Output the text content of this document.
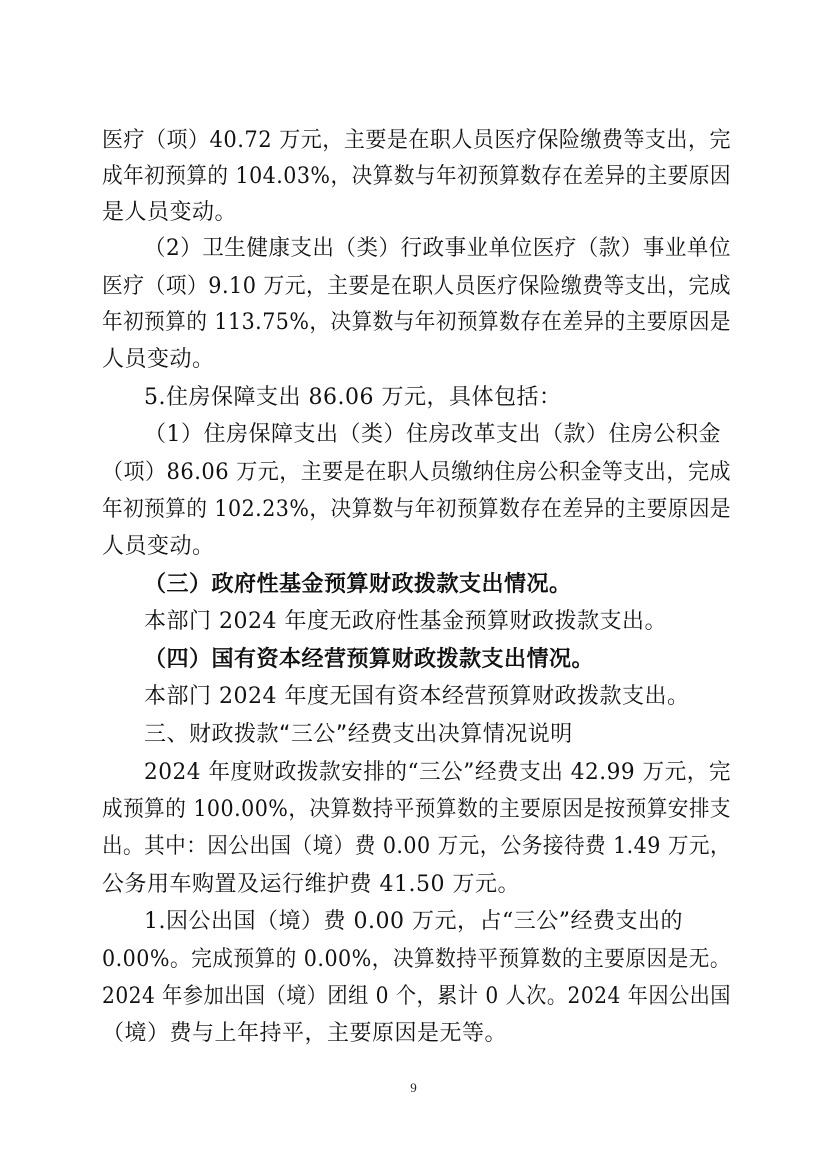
医疗（项）40.72 万元，主要是在职人员医疗保险缴费等支出，完
成年初预算的 104.03%，决算数与年初预算数存在差异的主要原因
是人员变动。
（2）卫生健康支出（类）行政事业单位医疗（款）事业单位
医疗（项）9.10 万元，主要是在职人员医疗保险缴费等支出，完成
年初预算的 113.75%，决算数与年初预算数存在差异的主要原因是
人员变动。
5.住房保障支出 86.06 万元，具体包括：
（1）住房保障支出（类）住房改革支出（款）住房公积金
（项）86.06 万元，主要是在职人员缴纳住房公积金等支出，完成
年初预算的 102.23%，决算数与年初预算数存在差异的主要原因是
人员变动。
（三）政府性基金预算财政拨款支出情况。
本部门 2024 年度无政府性基金预算财政拨款支出。
（四）国有资本经营预算财政拨款支出情况。
本部门 2024 年度无国有资本经营预算财政拨款支出。
三、财政拨款“三公”经费支出决算情况说明
2024 年度财政拨款安排的“三公”经费支出 42.99 万元，完
成预算的 100.00%，决算数持平预算数的主要原因是按预算安排支
出。其中：因公出国（境）费 0.00 万元，公务接待费 1.49 万元，
公务用车购置及运行维护费 41.50 万元。
1.因公出国（境）费 0.00 万元，占“三公”经费支出的
0.00%。完成预算的 0.00%，决算数持平预算数的主要原因是无。
2024 年参加出国（境）团组 0 个，累计 0 人次。2024 年因公出国
（境）费与上年持平，主要原因是无等。
9
